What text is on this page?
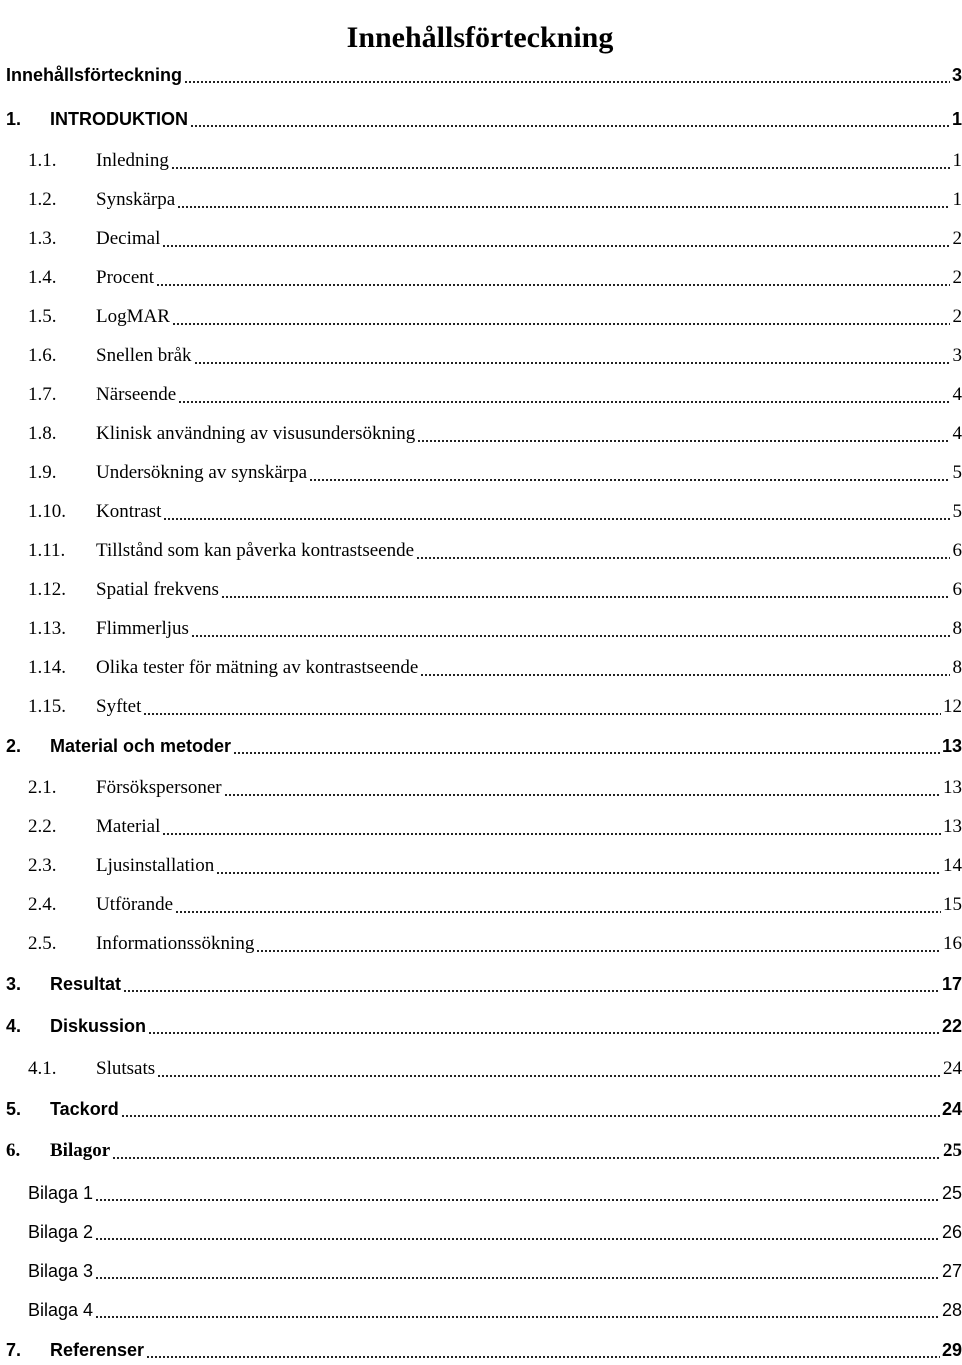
Innehållsförteckning
Innehållsförteckning	3
1.	INTRODUKTION	1
1.1.	Inledning	1
1.2.	Synskärpa	1
1.3.	Decimal	2
1.4.	Procent	2
1.5.	LogMAR	2
1.6.	Snellen bråk	3
1.7.	Närseende	4
1.8.	Klinisk användning av visusundersökning	4
1.9.	Undersökning av synskärpa	5
1.10.	Kontrast	5
1.11.	Tillstånd som kan påverka kontrastseende	6
1.12.	Spatial frekvens	6
1.13.	Flimmerljus	8
1.14.	Olika tester för mätning av kontrastseende	8
1.15.	Syftet	12
2.	Material och metoder	13
2.1.	Försökspersoner	13
2.2.	Material	13
2.3.	Ljusinstallation	14
2.4.	Utförande	15
2.5.	Informationssökning	16
3.	Resultat	17
4.	Diskussion	22
4.1.	Slutsats	24
5.	Tackord	24
6.	Bilagor	25
Bilaga 1	25
Bilaga 2	26
Bilaga 3	27
Bilaga 4	28
7.	Referenser	29
